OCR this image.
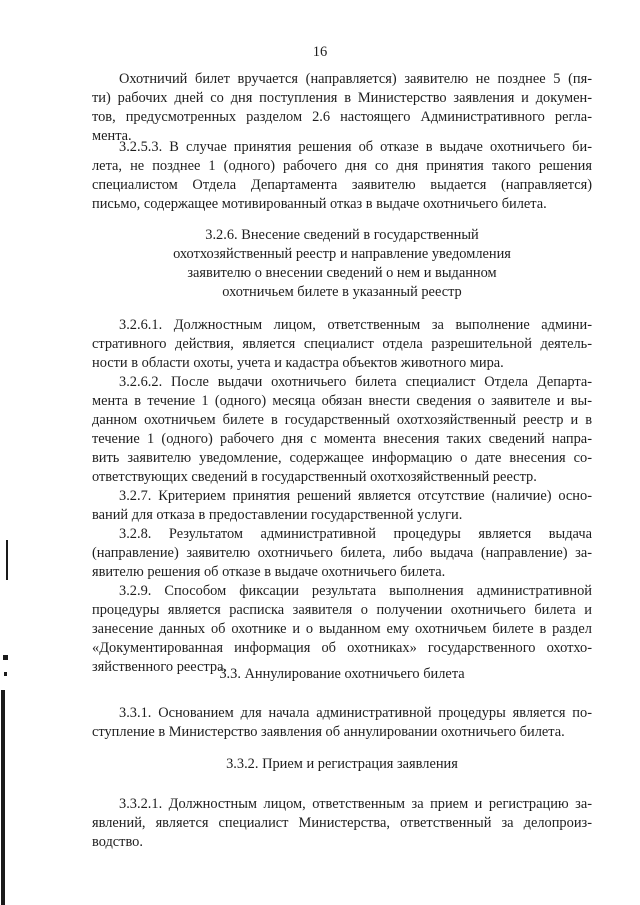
16
Охотничий билет вручается (направляется) заявителю не позднее 5 (пя-
ти) рабочих дней со дня поступления в Министерство заявления и докумен-
тов, предусмотренных разделом 2.6 настоящего Административного регла-
мента.
3.2.5.3. В случае принятия решения об отказе в выдаче охотничьего би-
лета, не позднее 1 (одного) рабочего дня со дня принятия такого решения
специалистом Отдела Департамента заявителю выдается (направляется)
письмо, содержащее мотивированный отказ в выдаче охотничьего билета.
3.2.6. Внесение сведений в государственный
охотхозяйственный реестр и направление уведомления
заявителю о внесении сведений о нем и выданном
охотничьем билете в указанный реестр
3.2.6.1. Должностным лицом, ответственным за выполнение админи-
стративного действия, является специалист отдела разрешительной деятель-
ности в области охоты, учета и кадастра объектов животного мира.
3.2.6.2. После выдачи охотничьего билета специалист Отдела Департа-
мента в течение 1 (одного) месяца обязан внести сведения о заявителе и вы-
данном охотничьем билете в государственный охотхозяйственный реестр и в
течение 1 (одного) рабочего дня с момента внесения таких сведений напра-
вить заявителю уведомление, содержащее информацию о дате внесения со-
ответствующих сведений в государственный охотхозяйственный реестр.
3.2.7. Критерием принятия решений является отсутствие (наличие) осно-
ваний для отказа в предоставлении государственной услуги.
3.2.8. Результатом административной процедуры является выдача
(направление) заявителю охотничьего билета, либо выдача (направление) за-
явителю решения об отказе в выдаче охотничьего билета.
3.2.9. Способом фиксации результата выполнения административной
процедуры является расписка заявителя о получении охотничьего билета и
занесение данных об охотнике и о выданном ему охотничьем билете в раздел
«Документированная информация об охотниках» государственного охотхо-
зяйственного реестра.
3.3. Аннулирование охотничьего билета
3.3.1. Основанием для начала административной процедуры является по-
ступление в Министерство заявления об аннулировании охотничьего билета.
3.3.2. Прием и регистрация заявления
3.3.2.1. Должностным лицом, ответственным за прием и регистрацию за-
явлений, является специалист Министерства, ответственный за делопроиз-
водство.
